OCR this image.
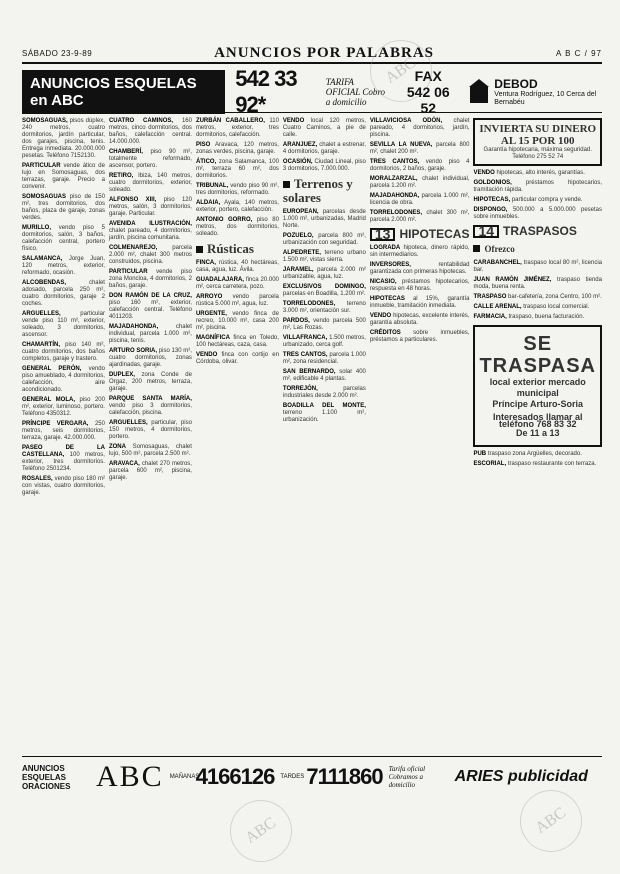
SÁBADO 23-9-89	ANUNCIOS POR PALABRAS	A B C / 97
ANUNCIOS ESQUELAS en ABC
542 33 92*
TARIFA OFICIAL Cobro a domicilio
FAX
542 06 52
DEBOD
Ventura Rodríguez, 10 Cerca del Bernabéu

SOMOSAGUAS, pisos dúplex, 240 metros, cuatro dormitorios, jardín particular, dos garajes, piscina, tenis. Entrega inmediata. 20.000.000 pesetas. Teléfono 7152130.

PARTICULAR vende ático de lujo en Somosaguas, dos terrazas, garaje. Precio a convenir.

SOMOSAGUAS piso de 150 m², tres dormitorios, dos baños, plaza de garaje, zonas verdes.

MURILLO, vendo piso 5 dormitorios, salón, 3 baños, calefacción central, portero físico.

SALAMANCA, Jorge Juan, 120 metros, exterior, reformado, ocasión.

ALCOBENDAS,	chalet adosado, parcela 250 m², cuatro dormitorios, garaje 2 coches.

ARGUELLES,	particular vende piso 110 m², exterior, soleado, 3 dormitorios, ascensor.

CHAMARTÍN, piso 140 m², cuatro dormitorios, dos baños completos, garaje y trastero.

GENERAL PERÓN, vendo piso amueblado, 4 dormitorios, calefacción, aire acondicionado.

GENERAL MOLA, piso 200 m², exterior, luminoso, portero. Teléfono 4350312.

PRÍNCIPE VERGARA, 250 metros, seis dormitorios, terraza, garaje. 42.000.000.

PASEO DE LA CASTELLANA, 100 metros, exterior, tres dormitorios. Teléfono 2501234.

ROSALES, vendo piso 180 m² con vistas, cuatro dormitorios, garaje.

CUATRO CAMINOS, 160 metros, cinco dormitorios, dos baños, calefacción central. 14.000.000.

CHAMBERÍ, piso 90 m², totalmente reformado, ascensor, portero.

RETIRO, Ibiza, 140 metros, cuatro dormitorios, exterior, soleado.

ALFONSO XIII, piso 120 metros, salón, 3 dormitorios, garaje. Particular.

AVENIDA ILUSTRACIÓN, chalet pareado, 4 dormitorios, jardín, piscina comunitaria.

COLMENAREJO, parcela 2.000 m², chalet 300 metros construidos, piscina.

PARTICULAR vende piso zona Moncloa, 4 dormitorios, 2 baños, garaje.

DON RAMÓN DE LA CRUZ, piso 160 m², exterior, calefacción central. Teléfono 4011203.

MAJADAHONDA,	chalet individual, parcela 1.000 m², piscina, tenis.

ARTURO SORIA, piso 130 m², cuatro dormitorios, zonas ajardinadas, garaje.

DUPLEX, zona Conde de Orgaz, 200 metros, terraza, garaje.

PARQUE SANTA MARÍA, vendo piso 3 dormitorios, calefacción, piscina.

ARGUELLES, particular, piso 150 metros, 4 dormitorios, portero.

ZONA Somosaguas, chalet lujo, 500 m², parcela 2.500 m².

ARAVACA, chalet 270 metros, parcela 600 m², piscina, garaje.

ZURBÁN CABALLERO, 110 metros, exterior, tres dormitorios, calefacción.

PISO Aravaca, 120 metros, zonas verdes, piscina, garaje.

ÁTICO, zona Salamanca, 100 m², terraza 60 m², dos dormitorios.

TRIBUNAL, vendo piso 90 m², tres dormitorios, reformado.

ALDAIA, Ayala, 140 metros, exterior, portero, calefacción.

ANTONIO GORRO, piso 80 metros, dos dormitorios, soleado.

Rústicas

FINCA, rústica, 40 hectáreas, casa, agua, luz. Ávila.

GUADALAJARA, finca 20.000 m², cerca carretera, pozo.

ARROYO vendo parcela rústica 5.000 m², agua, luz.

URGENTE, vendo finca de recreo, 10.000 m², casa 200 m², piscina.

MAGNÍFICA finca en Toledo, 100 hectáreas, caza, casa.

VENDO finca con cortijo en Córdoba, olivar.

VENDO local 120 metros, Cuatro Caminos, a pie de calle.

ARANJUEZ, chalet a estrenar, 4 dormitorios, garaje.

OCASIÓN, Ciudad Lineal, piso 3 dormitorios, 7.000.000.

Terrenos y solares

EUROPEAN, parcelas desde 1.000 m², urbanizadas, Madrid Norte.

POZUELO, parcela 800 m², urbanización con seguridad.

ALPEDRETE, terreno urbano 1.500 m², vistas sierra.

JARAMEL, parcela 2.000 m² urbanizable, agua, luz.

EXCLUSIVOS DOMINGO, parcelas en Boadilla, 1.200 m².

TORRELODONES, terreno 3.000 m², orientación sur.

PARDOS, vendo parcela 500 m², Las Rozas.

VILLAFRANCA, 1.500 metros, urbanizado, cerca golf.

TRES CANTOS, parcela 1.000 m², zona residencial.

SAN BERNARDO, solar 400 m², edificable 4 plantas.

TORREJÓN,	parcelas industriales desde 2.000 m².

BOADILLA DEL MONTE, terreno 1.100 m², urbanización.

VILLAVICIOSA ODÓN, chalet pareado, 4 dormitorios, jardín, piscina.

SEVILLA LA NUEVA, parcela 800 m², chalet 200 m².

TRES CANTOS, vendo piso 4 dormitorios, 2 baños, garaje.

MORALZARZAL, chalet individual, parcela 1.200 m².

MAJADAHONDA, parcela 1.000 m², licencia de obra.

TORRELODONES, chalet 300 m², parcela 2.000 m².

13 HIPOTECAS

LOGRADA hipoteca, dinero rápido, sin intermediarios.

INVERSORES,	rentabilidad garantizada con primeras hipotecas.

NICASIO, préstamos hipotecarios, respuesta en 48 horas.

HIPOTECAS al 15%, garantía inmueble, tramitación inmediata.

VENDO hipotecas, excelente interés, garantía absoluta.

CRÉDITOS sobre inmuebles, préstamos a particulares.

INVIERTA SU DINERO AL 15 POR 100
Garantía hipotecaria, máxima seguridad. Teléfono 275 52 74

VENDO hipotecas, alto interés, garantías.

GOLDONIOS, préstamos hipotecarios, tramitación rápida.

HIPOTECAS, particular compra y vende.

DISPONGO, 500.000 a 5.000.000 pesetas sobre inmuebles.

14 TRASPASOS
Ofrezco

CARABANCHEL, traspaso local 80 m², licencia bar.

JUAN RAMÓN JIMÉNEZ, traspaso tienda moda, buena renta.

TRASPASO bar-cafetería, zona Centro, 100 m².

CALLE ARENAL, traspaso local comercial.

FARMACIA, traspaso, buena facturación.

SE TRASPASA
local exterior mercado municipal
Príncipe Arturo-Soria
Interesados llamar al teléfono 768 83 32
De 11 a 13

PUB traspaso zona Argüelles, decorado.

ESCORIAL, traspaso restaurante con terraza.

ANUNCIOS ESQUELAS ORACIONES ABC MAÑANAS
4166126 TARDES 7111860 Tarifa oficial Cobramos a domicilio	ARIES publicidad
ABC
ABC	ABC
